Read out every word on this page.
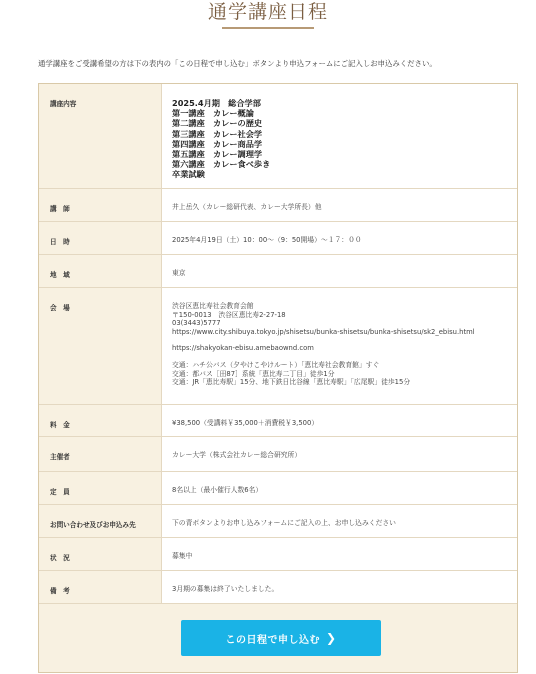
通学講座日程
通学講座をご受講希望の方は下の表内の「この日程で申し込む」ボタンより申込フォームにご記入しお申込みください。
講座内容	2025.4月期　総合学部
第一講座　カレー概論
第二講座　カレーの歴史
第三講座　カレー社会学
第四講座　カレー商品学
第五講座　カレー調理学
第六講座　カレー食べ歩き
卒業試験
講　師	井上岳久（カレー総研代表、カレー大学所長）他
日　時	2025年4月19日（土）10：00～（9：50開場）～１７：００
地　域	東京
会　場	渋谷区恵比寿社会教育会館
〒150-0013　渋谷区恵比寿2-27-18
03(3443)5777
https://www.city.shibuya.tokyo.jp/shisetsu/bunka-shisetsu/bunka-shisetsu/sk2_ebisu.html
https://shakyokan-ebisu.amebaownd.com
交通：ハチ公バス（夕やけこやけルート）「恵比寿社会教育館」すぐ
交通：都バス［田87］系統「恵比寿二丁目」徒歩1分
交通：JR「恵比寿駅」15分、地下鉄日比谷線「恵比寿駅」「広尾駅」徒歩15分
料　金	¥38,500（受講料￥35,000＋消費税￥3,500）
主催者	カレー大学（株式会社カレー総合研究所）
定　員	8名以上（最小催行人数6名）
お問い合わせ及びお申込み先	下の青ボタンよりお申し込みフォームにご記入の上、お申し込みください
状　況	募集中
備　考	3月期の募集は終了いたしました。
この日程で申し込む ❯
